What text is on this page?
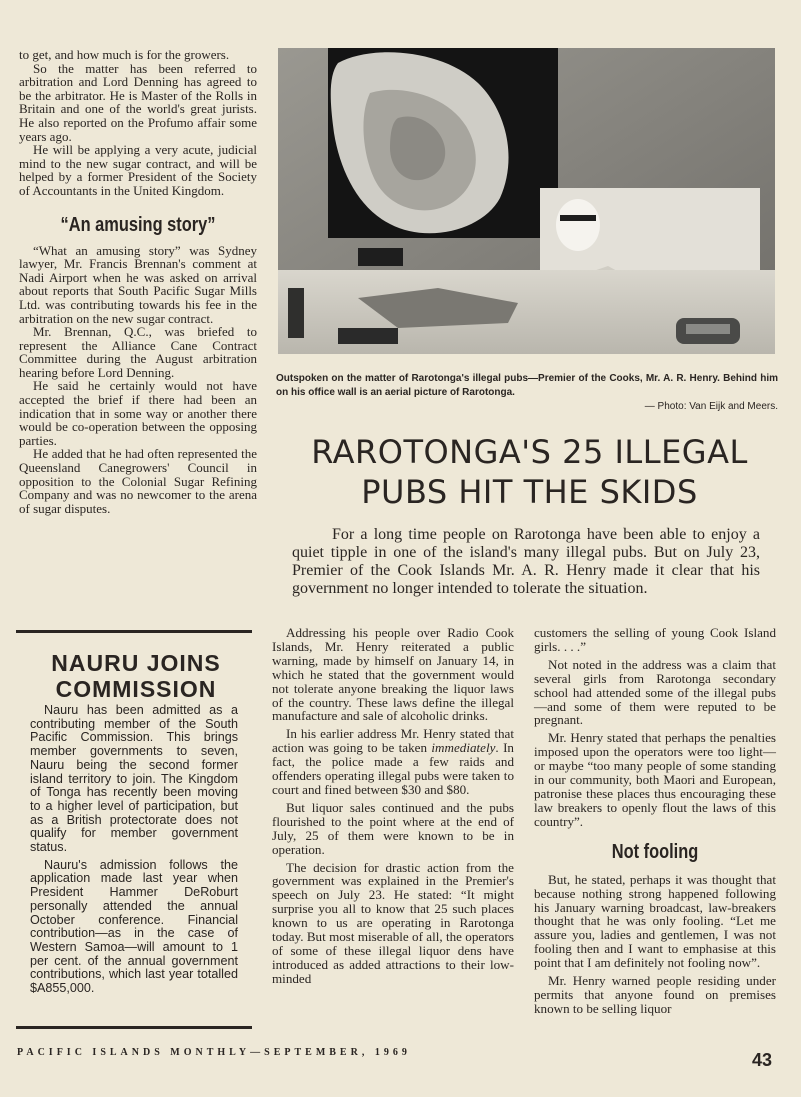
to get, and how much is for the growers.

So the matter has been referred to arbitration and Lord Denning has agreed to be the arbitrator. He is Master of the Rolls in Britain and one of the world's great jurists. He also reported on the Profumo affair some years ago.

He will be applying a very acute, judicial mind to the new sugar contract, and will be helped by a former President of the Society of Accountants in the United Kingdom.

“An amusing story”

“What an amusing story” was Sydney lawyer, Mr. Francis Brennan's comment at Nadi Airport when he was asked on arrival about reports that South Pacific Sugar Mills Ltd. was contributing towards his fee in the arbitration on the new sugar contract.

Mr. Brennan, Q.C., was briefed to represent the Alliance Cane Contract Committee during the August arbitration hearing before Lord Denning.

He said he certainly would not have accepted the brief if there had been an indication that in some way or another there would be co-operation between the opposing parties.

He added that he had often represented the Queensland Canegrowers' Council in opposition to the Colonial Sugar Refining Company and was no newcomer to the arena of sugar disputes.

NAURU JOINS COMMISSION

Nauru has been admitted as a contributing member of the South Pacific Commission. This brings member governments to seven, Nauru being the second former island territory to join. The Kingdom of Tonga has recently been moving to a higher level of participation, but as a British protectorate does not qualify for member government status.

Nauru's admission follows the application made last year when President Hammer DeRoburt personally attended the annual October conference. Financial contribution—as in the case of Western Samoa—will amount to 1 per cent. of the annual government contributions, which last year totalled $A855,000.

Outspoken on the matter of Rarotonga's illegal pubs—Premier of the Cooks, Mr. A. R. Henry. Behind him on his office wall is an aerial picture of Rarotonga.
— Photo: Van Eijk and Meers.
RAROTONGA'S 25 ILLEGAL
PUBS HIT THE SKIDS

For a long time people on Rarotonga have been able to enjoy a quiet tipple in one of the island's many illegal pubs. But on July 23, Premier of the Cook Islands Mr. A. R. Henry made it clear that his government no longer intended to tolerate the situation.

Addressing his people over Radio Cook Islands, Mr. Henry reiterated a public warning, made by himself on January 14, in which he stated that the government would not tolerate anyone breaking the liquor laws of the country. These laws define the illegal manufacture and sale of alcoholic drinks.

In his earlier address Mr. Henry stated that action was going to be taken immediately. In fact, the police made a few raids and offenders operating illegal pubs were taken to court and fined between $30 and $80.

But liquor sales continued and the pubs flourished to the point where at the end of July, 25 of them were known to be in operation.

The decision for drastic action from the government was explained in the Premier's speech on July 23. He stated: “It might surprise you all to know that 25 such places known to us are operating in Rarotonga today. But most miserable of all, the operators of some of these illegal liquor dens have introduced as added attractions to their low-minded

customers the selling of young Cook Island girls. . . .”

Not noted in the address was a claim that several girls from Rarotonga secondary school had attended some of the illegal pubs—and some of them were reputed to be pregnant.

Mr. Henry stated that perhaps the penalties imposed upon the operators were too light—or maybe “too many people of some standing in our community, both Maori and European, patronise these places thus encouraging these law breakers to openly flout the laws of this country”.

Not fooling

But, he stated, perhaps it was thought that because nothing strong happened following his January warning broadcast, law-breakers thought that he was only fooling. “Let me assure you, ladies and gentlemen, I was not fooling then and I want to emphasise at this point that I am definitely not fooling now”.

Mr. Henry warned people residing under permits that anyone found on premises known to be selling liquor

PACIFIC ISLANDS MONTHLY—SEPTEMBER, 1969	43
